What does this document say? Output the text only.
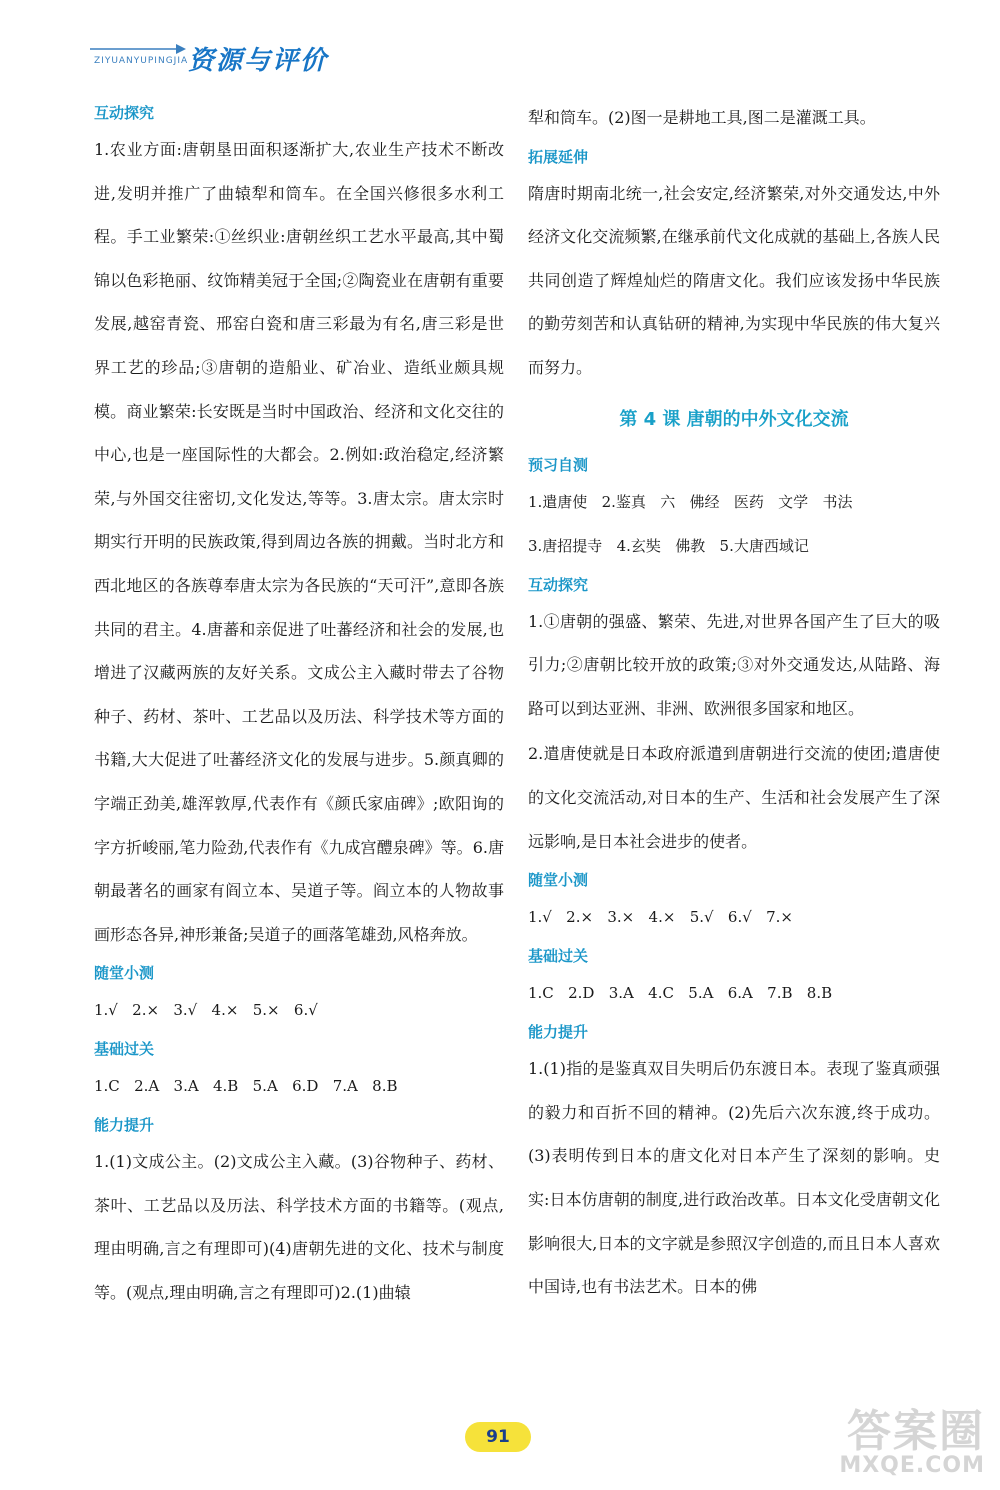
ZIYUANYUPINGJIA 资源与评价
互动探究
1.农业方面:唐朝垦田面积逐渐扩大,农业生产技术不断改进,发明并推广了曲辕犁和筒车。在全国兴修很多水利工程。手工业繁荣:①丝织业:唐朝丝织工艺水平最高,其中蜀锦以色彩艳丽、纹饰精美冠于全国;②陶瓷业在唐朝有重要发展,越窑青瓷、邢窑白瓷和唐三彩最为有名,唐三彩是世界工艺的珍品;③唐朝的造船业、矿冶业、造纸业颇具规模。商业繁荣:长安既是当时中国政治、经济和文化交往的中心,也是一座国际性的大都会。2.例如:政治稳定,经济繁荣,与外国交往密切,文化发达,等等。3.唐太宗。唐太宗时期实行开明的民族政策,得到周边各族的拥戴。当时北方和西北地区的各族尊奉唐太宗为各民族的“天可汗”,意即各族共同的君主。4.唐蕃和亲促进了吐蕃经济和社会的发展,也增进了汉藏两族的友好关系。文成公主入藏时带去了谷物种子、药材、茶叶、工艺品以及历法、科学技术等方面的书籍,大大促进了吐蕃经济文化的发展与进步。5.颜真卿的字端正劲美,雄浑敦厚,代表作有《颜氏家庙碑》;欧阳询的字方折峻丽,笔力险劲,代表作有《九成宫醴泉碑》等。6.唐朝最著名的画家有阎立本、吴道子等。阎立本的人物故事画形态各异,神形兼备;吴道子的画落笔雄劲,风格奔放。
随堂小测
1.√   2.×   3.√   4.×   5.×   6.√
基础过关
1.C   2.A   3.A   4.B   5.A   6.D   7.A   8.B
能力提升
1.(1)文成公主。(2)文成公主入藏。(3)谷物种子、药材、茶叶、工艺品以及历法、科学技术方面的书籍等。(观点,理由明确,言之有理即可)(4)唐朝先进的文化、技术与制度等。(观点,理由明确,言之有理即可)2.(1)曲辕
犁和筒车。(2)图一是耕地工具,图二是灌溉工具。
拓展延伸
隋唐时期南北统一,社会安定,经济繁荣,对外交通发达,中外经济文化交流频繁,在继承前代文化成就的基础上,各族人民共同创造了辉煌灿烂的隋唐文化。我们应该发扬中华民族的勤劳刻苦和认真钻研的精神,为实现中华民族的伟大复兴而努力。
第 4 课 唐朝的中外文化交流
预习自测
1.遣唐使   2.鉴真   六   佛经   医药   文学   书法
3.唐招提寺   4.玄奘   佛教   5.大唐西域记
互动探究
1.①唐朝的强盛、繁荣、先进,对世界各国产生了巨大的吸引力;②唐朝比较开放的政策;③对外交通发达,从陆路、海路可以到达亚洲、非洲、欧洲很多国家和地区。
2.遣唐使就是日本政府派遣到唐朝进行交流的使团;遣唐使的文化交流活动,对日本的生产、生活和社会发展产生了深远影响,是日本社会进步的使者。
随堂小测
1.√   2.×   3.×   4.×   5.√   6.√   7.×
基础过关
1.C   2.D   3.A   4.C   5.A   6.A   7.B   8.B
能力提升
1.(1)指的是鉴真双目失明后仍东渡日本。表现了鉴真顽强的毅力和百折不回的精神。(2)先后六次东渡,终于成功。(3)表明传到日本的唐文化对日本产生了深刻的影响。史实:日本仿唐朝的制度,进行政治改革。日本文化受唐朝文化影响很大,日本的文字就是参照汉字创造的,而且日本人喜欢中国诗,也有书法艺术。日本的佛
91	答案圈
MXQE.COM
